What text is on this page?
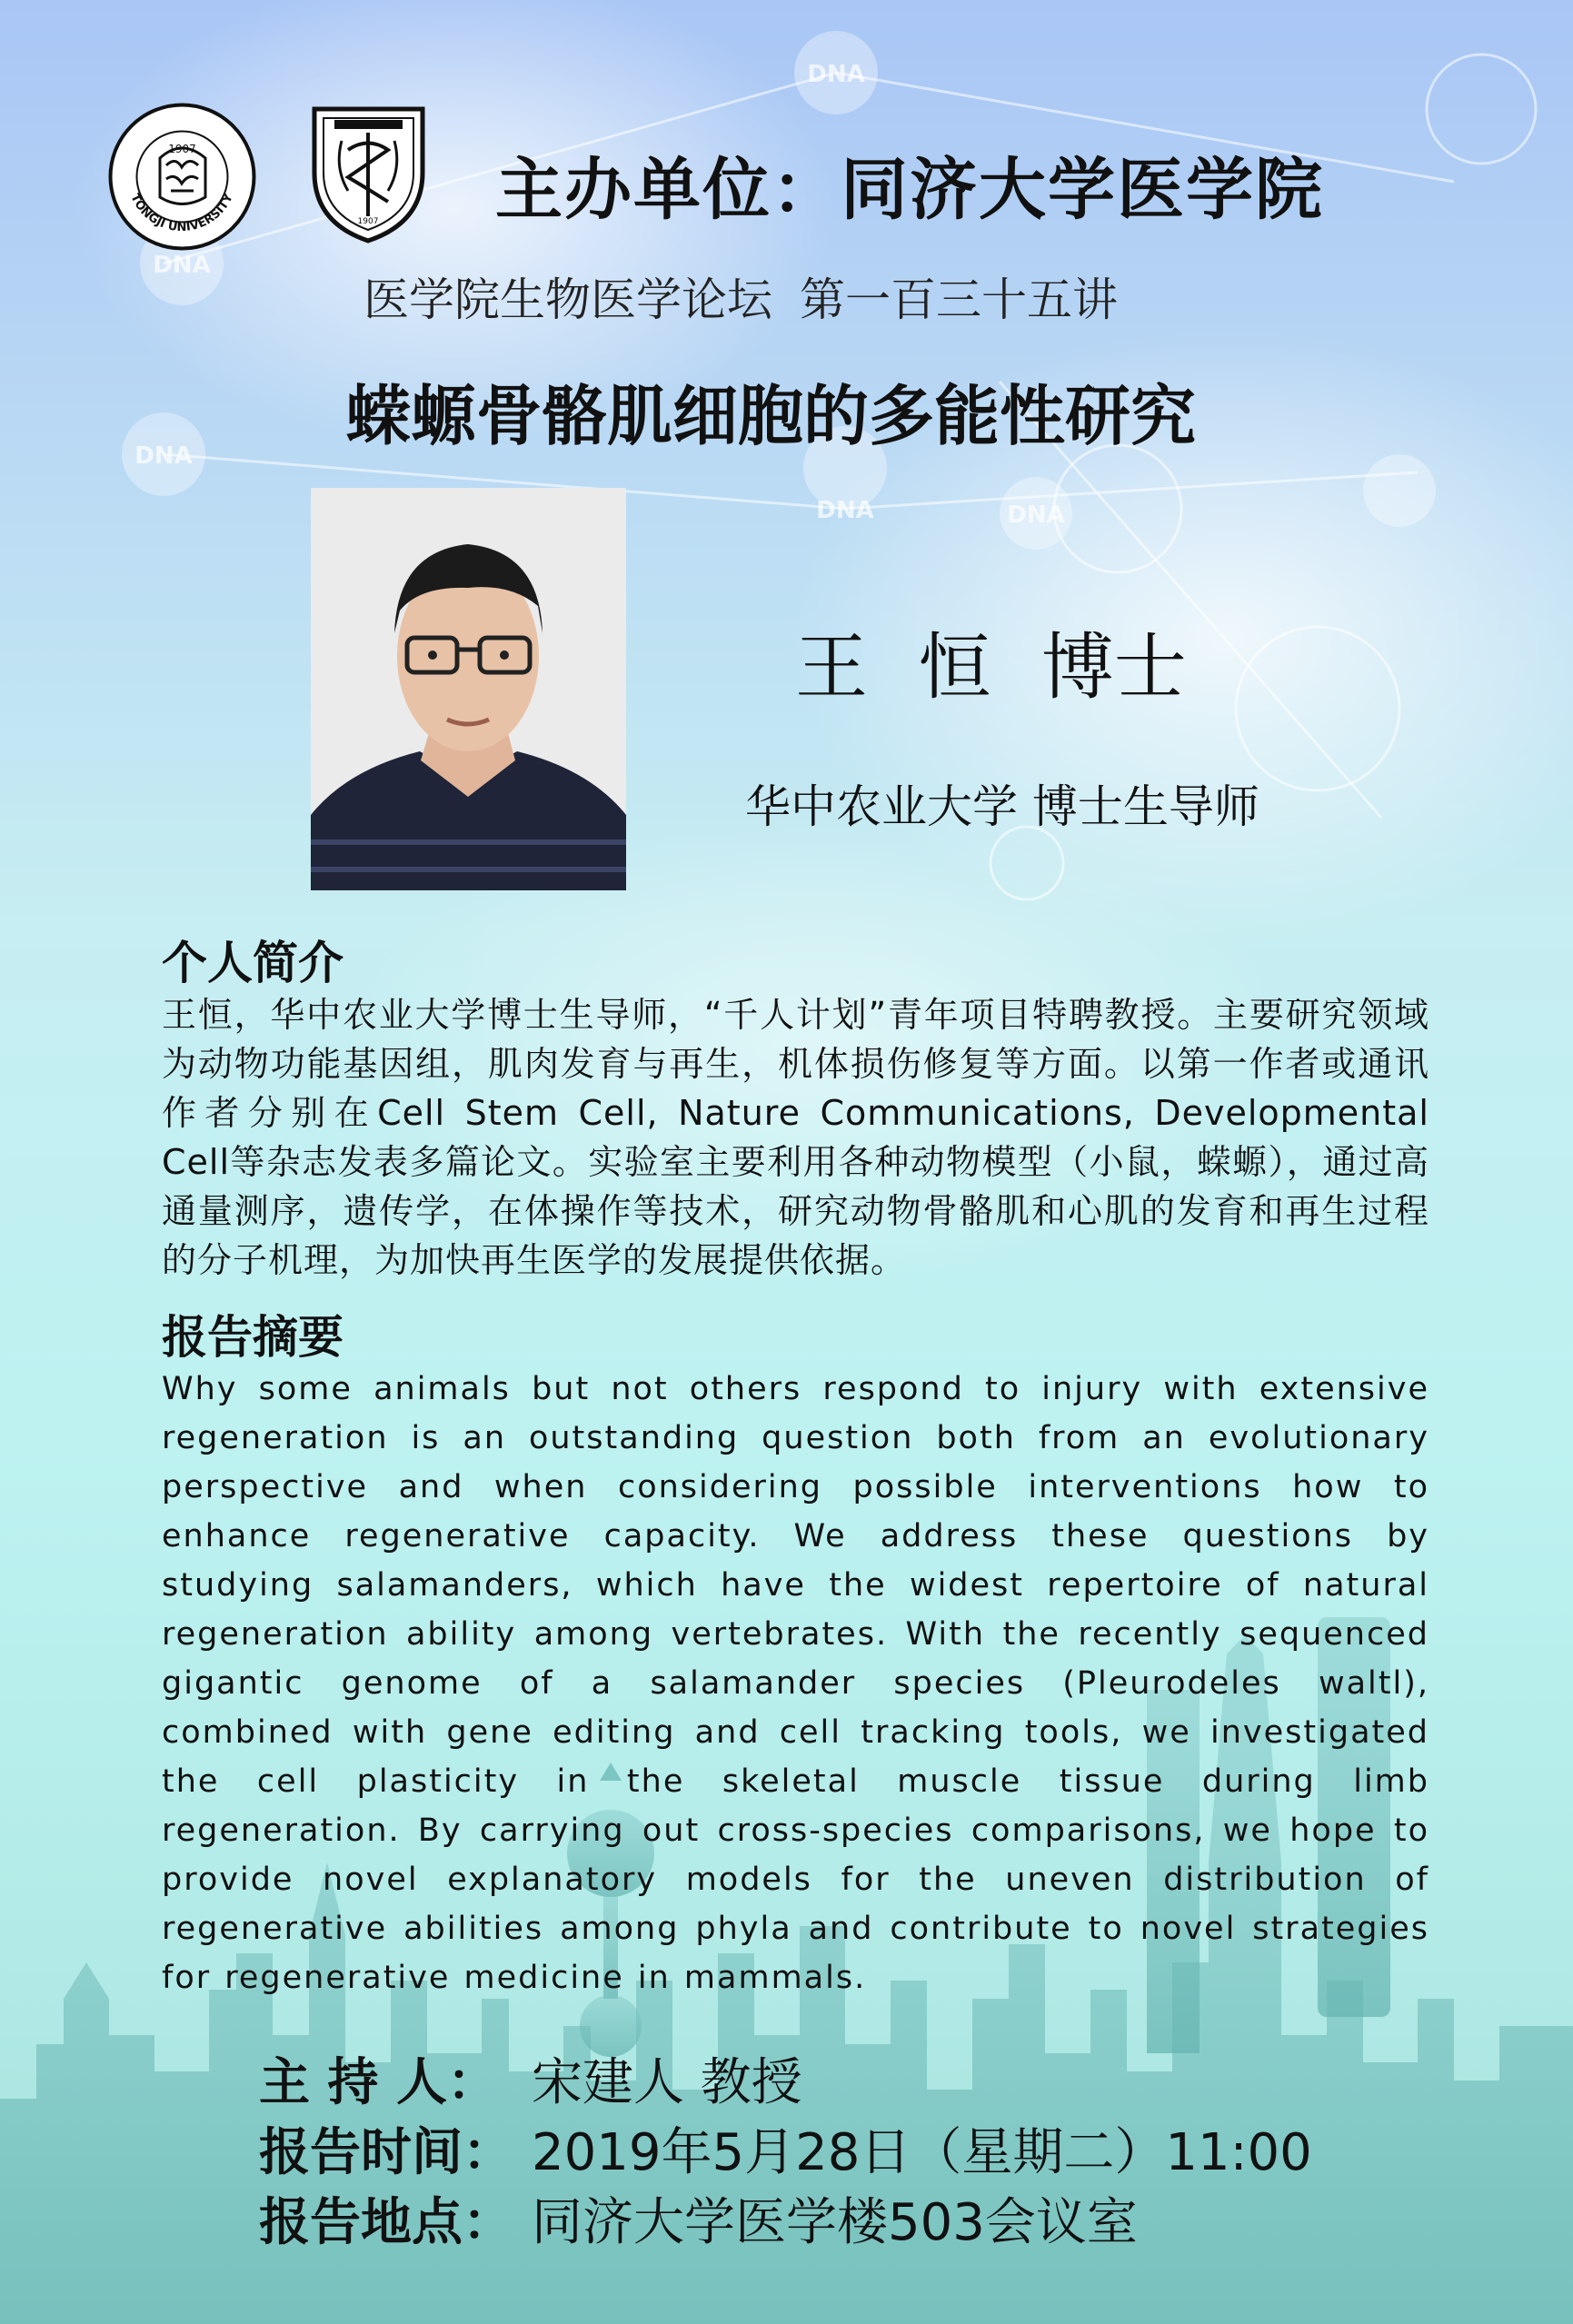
DNA
DNA
DNA
DNA	DNA
1907
TONGJI UNIVERSITY
1907 主办单位：同济大学医学院
医学院生物医学论坛 第一百三十五讲
蝾螈骨骼肌细胞的多能性研究
王 恒 博士
华中农业大学 博士生导师
个人简介
王恒，华中农业大学博士生导师，“千人计划”青年项目特聘教授。主要研究领域为动物功能基因组，肌肉发育与再生，机体损伤修复等方面。以第一作者或通讯作者分别在Cell Stem Cell, Nature Communications, Developmental Cell等杂志发表多篇论文。实验室主要利用各种动物模型（小鼠，蝾螈），通过高通量测序，遗传学，在体操作等技术，研究动物骨骼肌和心肌的发育和再生过程的分子机理，为加快再生医学的发展提供依据。
报告摘要
Why some animals but not others respond to injury with extensive regeneration is an outstanding question both from an evolutionary perspective and when considering possible interventions how to enhance regenerative capacity. We address these questions by studying salamanders, which have the widest repertoire of natural regeneration ability among vertebrates. With the recently sequenced gigantic genome of a salamander species (Pleurodeles waltl), combined with gene editing and cell tracking tools, we investigated the cell plasticity in the skeletal muscle tissue during limb regeneration. By carrying out cross-species comparisons, we hope to provide novel explanatory models for the uneven distribution of regenerative abilities among phyla and contribute to novel strategies for regenerative medicine in mammals.
主 持 人： 宋建人 教授
报告时间： 2019年5月28日（星期二）11:00
报告地点： 同济大学医学楼503会议室
